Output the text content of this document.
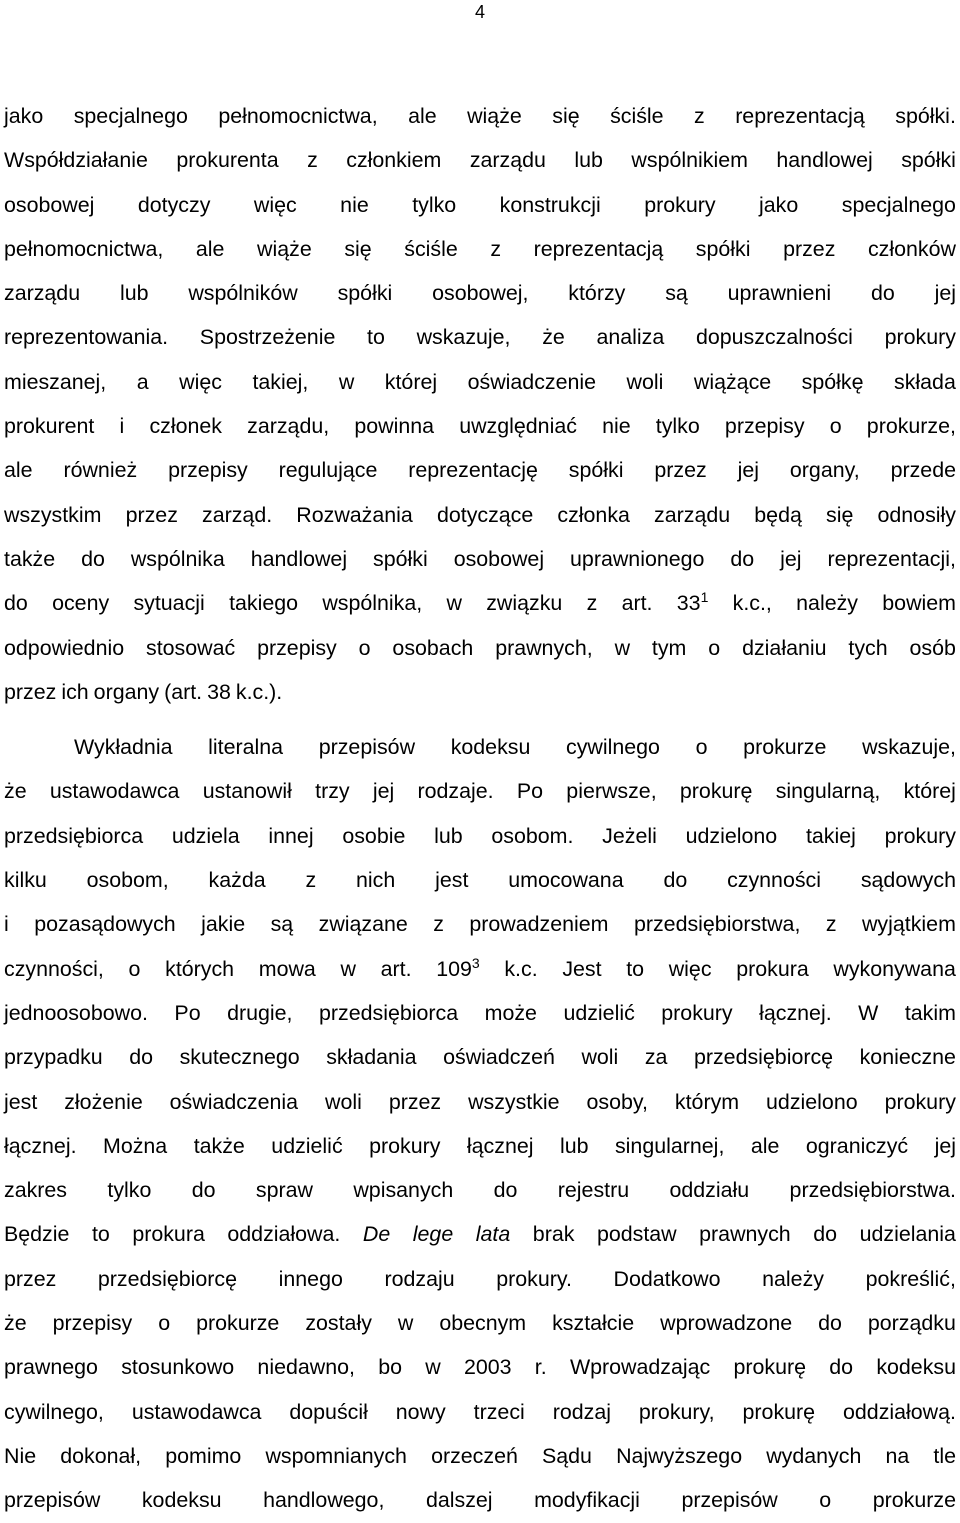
4
jako specjalnego pełnomocnictwa, ale wiąże się ściśle z reprezentacją spółki.
Współdziałanie prokurenta z członkiem zarządu lub wspólnikiem handlowej spółki
osobowej dotyczy więc nie tylko konstrukcji prokury jako specjalnego
pełnomocnictwa, ale wiąże się ściśle z reprezentacją spółki przez członków
zarządu lub wspólników spółki osobowej, którzy są uprawnieni do jej
reprezentowania. Spostrzeżenie to wskazuje, że analiza dopuszczalności prokury
mieszanej, a więc takiej, w której oświadczenie woli wiążące spółkę składa
prokurent i członek zarządu, powinna uwzględniać nie tylko przepisy o prokurze,
ale również przepisy regulujące reprezentację spółki przez jej organy, przede
wszystkim przez zarząd. Rozważania dotyczące członka zarządu będą się odnosiły
także do wspólnika handlowej spółki osobowej uprawnionego do jej reprezentacji,
do oceny sytuacji takiego wspólnika, w związku z art. $33^1$ k.c., należy bowiem
odpowiednio stosować przepisy o osobach prawnych, w tym o działaniu tych osób
przez ich organy (art. 38 k.c.).
Wykładnia literalna przepisów kodeksu cywilnego o prokurze wskazuje,
że ustawodawca ustanowił trzy jej rodzaje. Po pierwsze, prokurę singularną, której
przedsiębiorca udziela innej osobie lub osobom. Jeżeli udzielono takiej prokury
kilku osobom, każda z nich jest umocowana do czynności sądowych
i pozasądowych jakie są związane z prowadzeniem przedsiębiorstwa, z wyjątkiem
czynności, o których mowa w art. $109^3$ k.c. Jest to więc prokura wykonywana
jednoosobowo. Po drugie, przedsiębiorca może udzielić prokury łącznej. W takim
przypadku do skutecznego składania oświadczeń woli za przedsiębiorcę konieczne
jest złożenie oświadczenia woli przez wszystkie osoby, którym udzielono prokury
łącznej. Można także udzielić prokury łącznej lub singularnej, ale ograniczyć jej
zakres tylko do spraw wpisanych do rejestru oddziału przedsiębiorstwa.
Będzie to prokura oddziałowa. De lege lata brak podstaw prawnych do udzielania
przez przedsiębiorcę innego rodzaju prokury. Dodatkowo należy pokreślić,
że przepisy o prokurze zostały w obecnym kształcie wprowadzone do porządku
prawnego stosunkowo niedawno, bo w 2003 r. Wprowadzając prokurę do kodeksu
cywilnego, ustawodawca dopuścił nowy trzeci rodzaj prokury, prokurę oddziałową.
Nie dokonał, pomimo wspomnianych orzeczeń Sądu Najwyższego wydanych na tle
przepisów kodeksu handlowego, dalszej modyfikacji przepisów o prokurze
